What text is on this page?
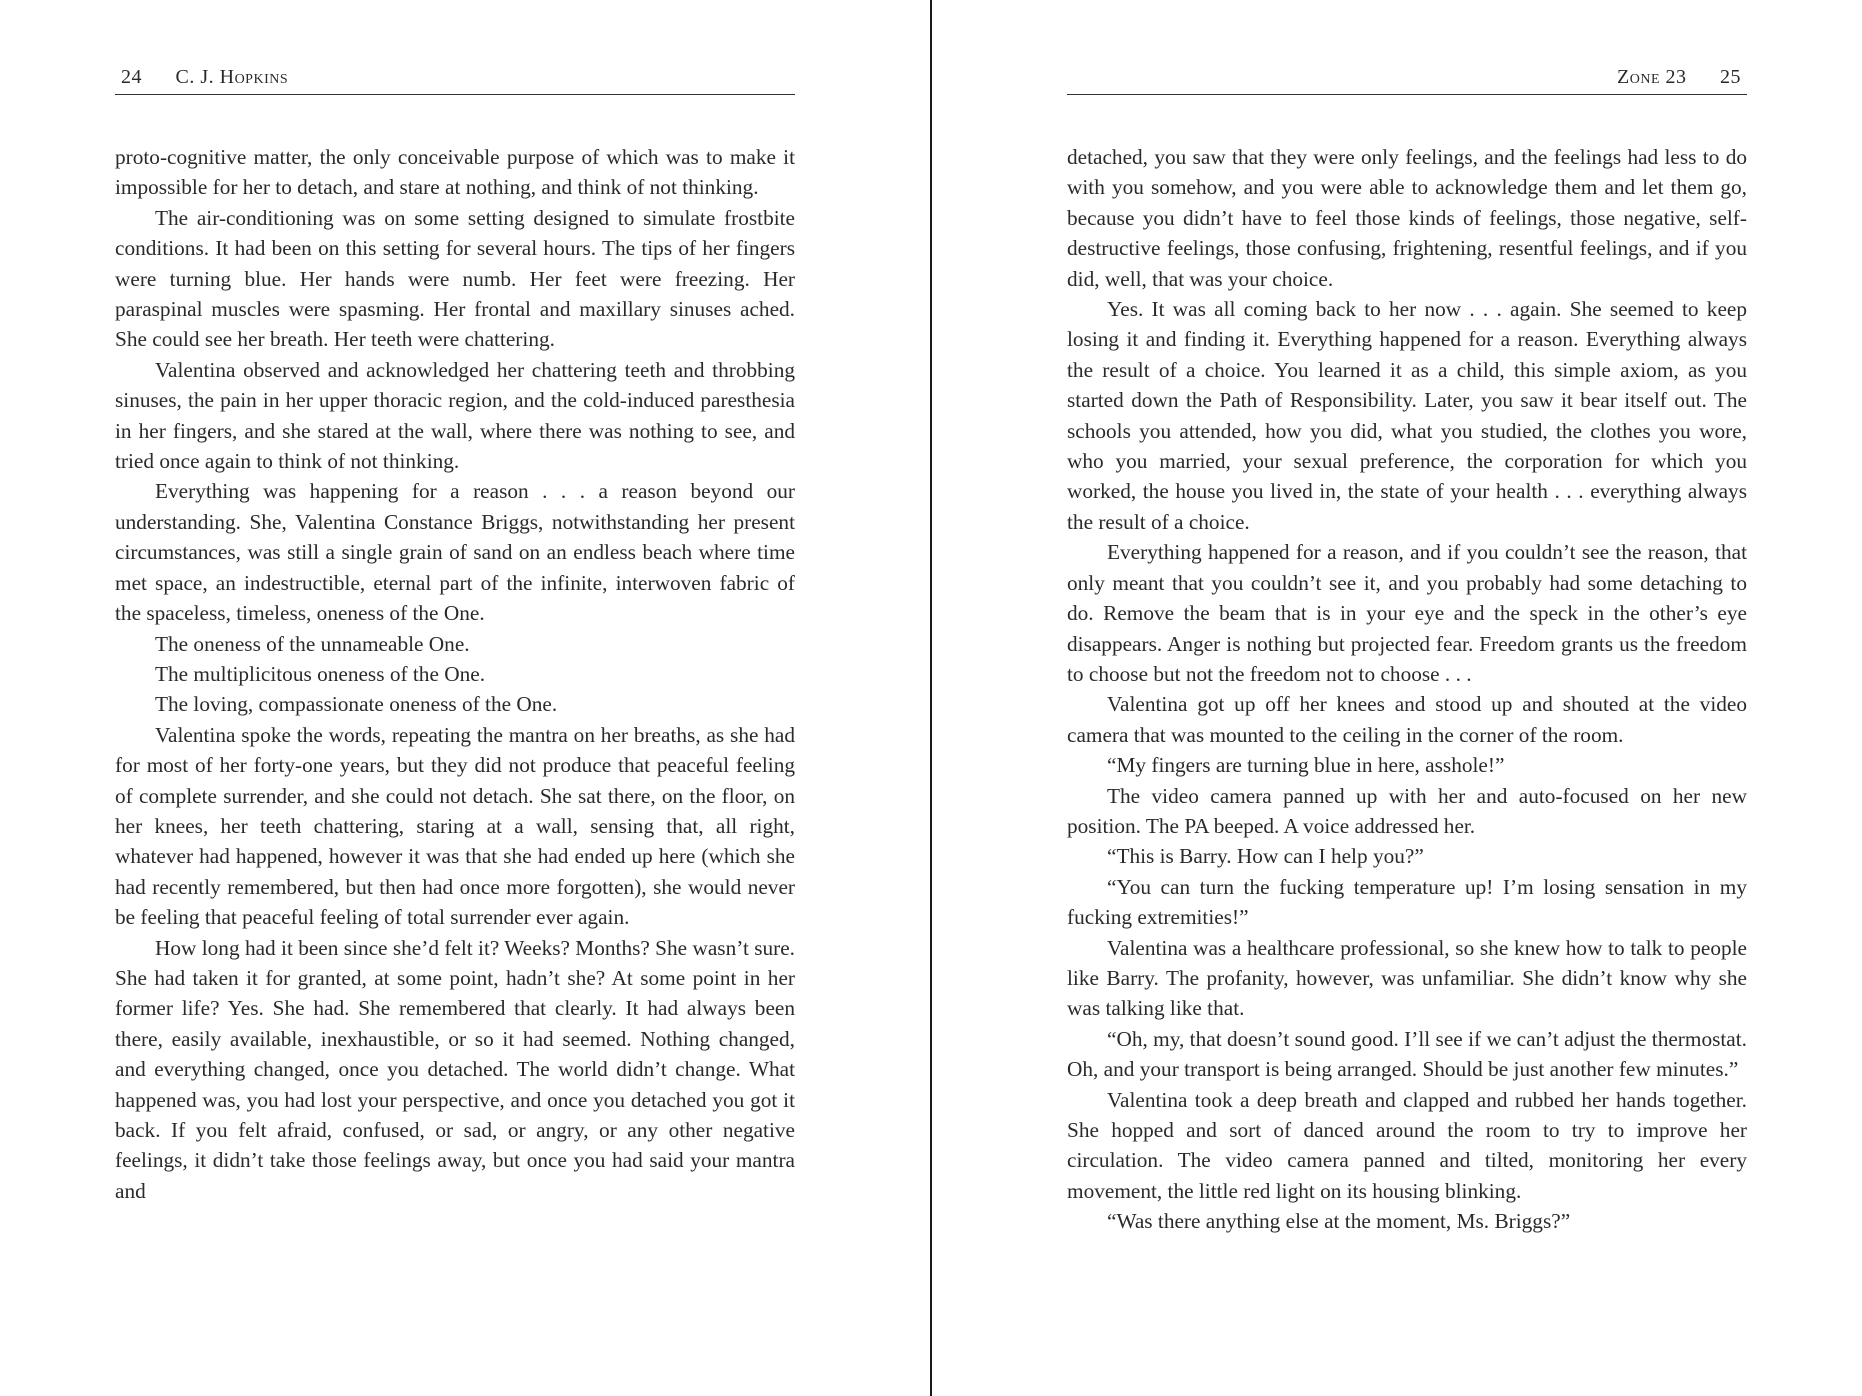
24 C. J. Hopkins

proto-cognitive matter, the only conceivable purpose of which was to make it impossible for her to detach, and stare at nothing, and think of not thinking.

The air-conditioning was on some setting designed to simulate frostbite conditions. It had been on this setting for several hours. The tips of her fingers were turning blue. Her hands were numb. Her feet were freezing. Her paraspinal muscles were spasming. Her frontal and maxillary sinuses ached. She could see her breath. Her teeth were chattering.

Valentina observed and acknowledged her chattering teeth and throbbing sinuses, the pain in her upper thoracic region, and the cold-induced paresthesia in her fingers, and she stared at the wall, where there was nothing to see, and tried once again to think of not thinking.

Everything was happening for a reason . . . a reason beyond our understanding. She, Valentina Constance Briggs, notwithstanding her present circumstances, was still a single grain of sand on an endless beach where time met space, an indestructible, eternal part of the infinite, interwoven fabric of the spaceless, timeless, oneness of the One.

The oneness of the unnameable One.

The multiplicitous oneness of the One.

The loving, compassionate oneness of the One.

Valentina spoke the words, repeating the mantra on her breaths, as she had for most of her forty-one years, but they did not produce that peaceful feeling of complete surrender, and she could not detach. She sat there, on the floor, on her knees, her teeth chattering, staring at a wall, sensing that, all right, whatever had happened, however it was that she had ended up here (which she had recently remembered, but then had once more forgotten), she would never be feeling that peaceful feeling of total surrender ever again.

How long had it been since she’d felt it? Weeks? Months? She wasn’t sure. She had taken it for granted, at some point, hadn’t she? At some point in her former life? Yes. She had. She remembered that clearly. It had always been there, easily available, inexhaustible, or so it had seemed. Nothing changed, and everything changed, once you detached. The world didn’t change. What happened was, you had lost your perspective, and once you detached you got it back. If you felt afraid, confused, or sad, or angry, or any other negative feelings, it didn’t take those feelings away, but once you had said your mantra and

Zone 23 25

detached, you saw that they were only feelings, and the feelings had less to do with you somehow, and you were able to acknowledge them and let them go, because you didn’t have to feel those kinds of feelings, those negative, self-destructive feelings, those confusing, frightening, resentful feelings, and if you did, well, that was your choice.

Yes. It was all coming back to her now . . . again. She seemed to keep losing it and finding it. Everything happened for a reason. Everything always the result of a choice. You learned it as a child, this simple axiom, as you started down the Path of Responsibility. Later, you saw it bear itself out. The schools you attended, how you did, what you studied, the clothes you wore, who you married, your sexual preference, the corporation for which you worked, the house you lived in, the state of your health . . . everything always the result of a choice.

Everything happened for a reason, and if you couldn’t see the reason, that only meant that you couldn’t see it, and you probably had some detaching to do. Remove the beam that is in your eye and the speck in the other’s eye disappears. Anger is nothing but projected fear. Freedom grants us the freedom to choose but not the freedom not to choose . . .

Valentina got up off her knees and stood up and shouted at the video camera that was mounted to the ceiling in the corner of the room.

“My fingers are turning blue in here, asshole!”

The video camera panned up with her and auto-focused on her new position. The PA beeped. A voice addressed her.

“This is Barry. How can I help you?”

“You can turn the fucking temperature up! I’m losing sensation in my fucking extremities!”

Valentina was a healthcare professional, so she knew how to talk to people like Barry. The profanity, however, was unfamiliar. She didn’t know why she was talking like that.

“Oh, my, that doesn’t sound good. I’ll see if we can’t adjust the thermostat. Oh, and your transport is being arranged. Should be just another few minutes.”

Valentina took a deep breath and clapped and rubbed her hands together. She hopped and sort of danced around the room to try to improve her circulation. The video camera panned and tilted, monitoring her every movement, the little red light on its housing blinking.

“Was there anything else at the moment, Ms. Briggs?”
